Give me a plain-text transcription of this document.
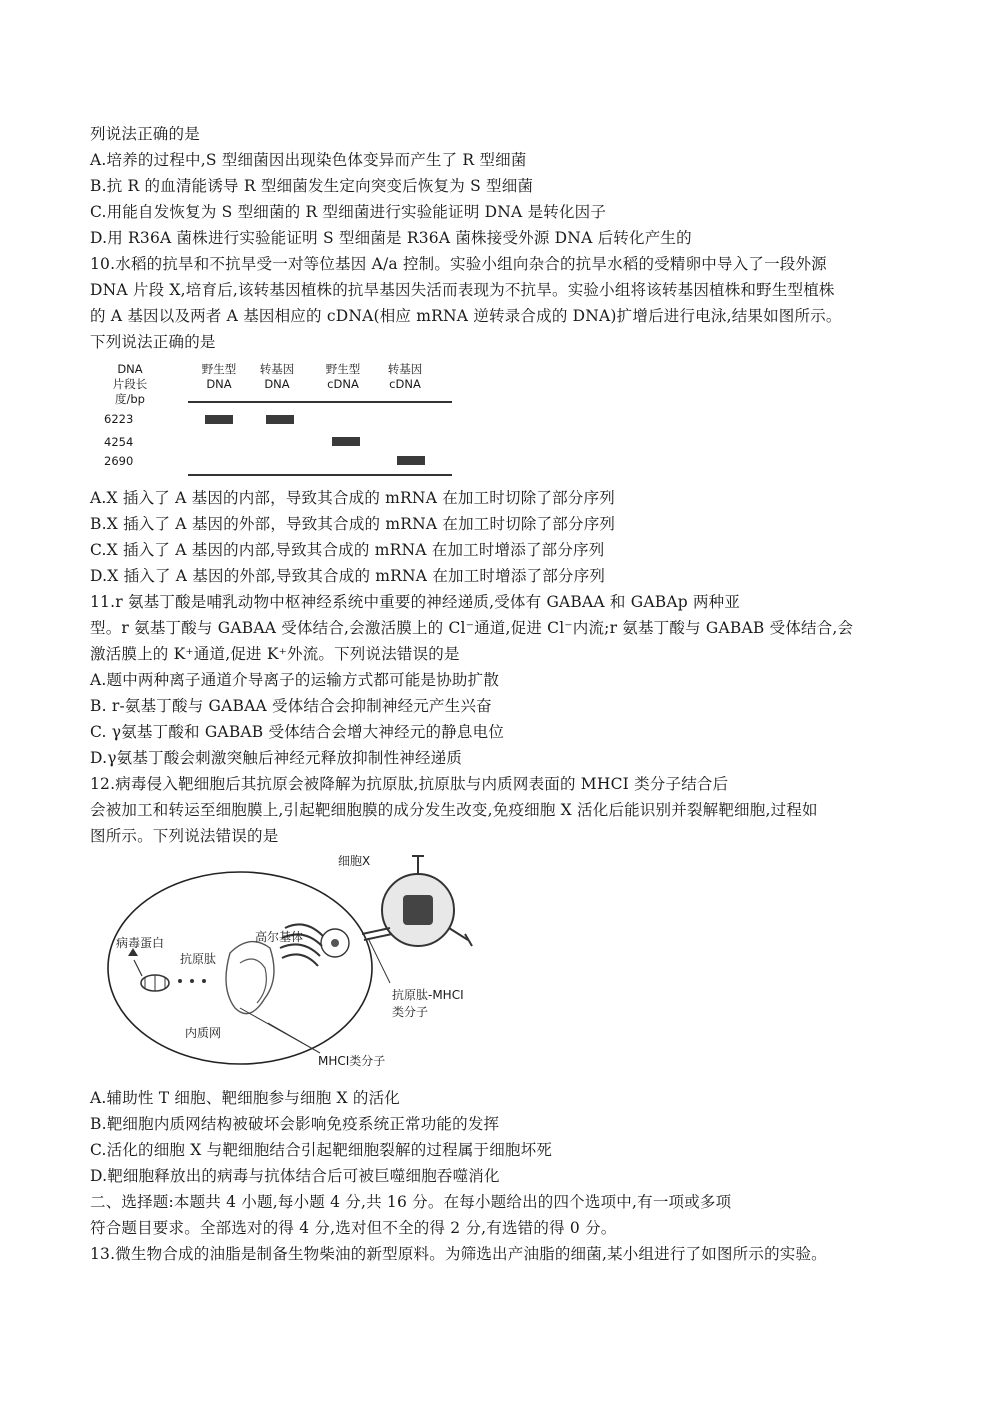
列说法正确的是
A.培养的过程中,S 型细菌因出现染色体变异而产生了 R 型细菌
B.抗 R 的血清能诱导 R 型细菌发生定向突变后恢复为 S 型细菌
C.用能自发恢复为 S 型细菌的 R 型细菌进行实验能证明 DNA 是转化因子
D.用 R36A 菌株进行实验能证明 S 型细菌是 R36A 菌株接受外源 DNA 后转化产生的
10.水稻的抗旱和不抗旱受一对等位基因 A/a 控制。实验小组向杂合的抗旱水稻的受精卵中导入了一段外源
DNA 片段 X,培育后,该转基因植株的抗旱基因失活而表现为不抗旱。实验小组将该转基因植株和野生型植株
的 A 基因以及两者 A 基因相应的 cDNA(相应 mRNA 逆转录合成的 DNA)扩增后进行电泳,结果如图所示。
下列说法正确的是
DNA
片段长度/bp
野生型
DNA
转基因
DNA
野生型
cDNA
转基因
cDNA
6223
4254
2690
A.X 插入了 A 基因的内部，导致其合成的 mRNA 在加工时切除了部分序列
B.X 插入了 A 基因的外部，导致其合成的 mRNA 在加工时切除了部分序列
C.X 插入了 A 基因的内部,导致其合成的 mRNA 在加工时增添了部分序列
D.X 插入了 A 基因的外部,导致其合成的 mRNA 在加工时增添了部分序列
11.r 氨基丁酸是哺乳动物中枢神经系统中重要的神经递质,受体有 GABAA 和 GABAp 两种亚
型。r 氨基丁酸与 GABAA 受体结合,会激活膜上的 Cl⁻通道,促进 Cl⁻内流;r 氨基丁酸与 GABAB 受体结合,会
激活膜上的 K⁺通道,促进 K⁺外流。下列说法错误的是
A.题中两种离子通道介导离子的运输方式都可能是协助扩散
B. r-氨基丁酸与 GABAA 受体结合会抑制神经元产生兴奋
C. γ氨基丁酸和 GABAB 受体结合会增大神经元的静息电位
D.γ氨基丁酸会刺激突触后神经元释放抑制性神经递质
12.病毒侵入靶细胞后其抗原会被降解为抗原肽,抗原肽与内质网表面的 MHCI 类分子结合后
会被加工和转运至细胞膜上,引起靶细胞膜的成分发生改变,免疫细胞 X 活化后能识别并裂解靶细胞,过程如
图所示。下列说法错误的是
细胞X
病毒蛋白
抗原肽
高尔基体
内质网
抗原肽-MHCI
类分子
MHCI类分子
A.辅助性 T 细胞、靶细胞参与细胞 X 的活化
B.靶细胞内质网结构被破坏会影响免疫系统正常功能的发挥
C.活化的细胞 X 与靶细胞结合引起靶细胞裂解的过程属于细胞坏死
D.靶细胞释放出的病毒与抗体结合后可被巨噬细胞吞噬消化
二、选择题:本题共 4 小题,每小题 4 分,共 16 分。在每小题给出的四个选项中,有一项或多项
符合题目要求。全部选对的得 4 分,选对但不全的得 2 分,有选错的得 0 分。
13.微生物合成的油脂是制备生物柴油的新型原料。为筛选出产油脂的细菌,某小组进行了如图所示的实验。
